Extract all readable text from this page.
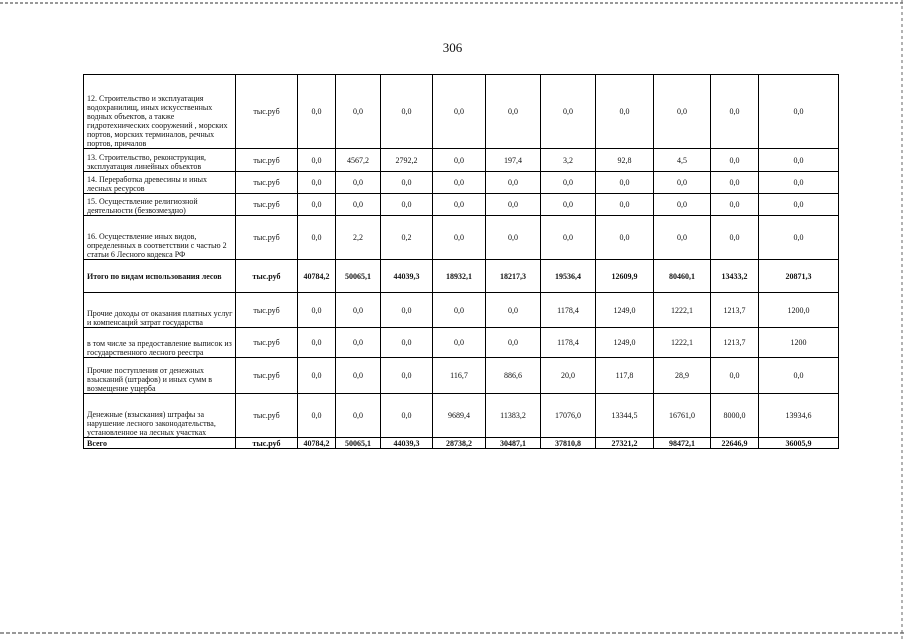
306
12. Строительство и эксплуатация водохранилищ, иных искусственных водных объектов, а также гидротехнических сооружений , морских портов, морских терминалов, речных портов, причалов	тыс.руб	0,0	0,0	0,0	0,0	0,0	0,0	0,0	0,0	0,0	0,0
13. Строительство, реконструкция, эксплуатация линейных объектов	тыс.руб	0,0	4567,2	2792,2	0,0	197,4	3,2	92,8	4,5	0,0	0,0
14. Переработка древесины и иных лесных ресурсов	тыс.руб	0,0	0,0	0,0	0,0	0,0	0,0	0,0	0,0	0,0	0,0
15. Осуществление религиозной деятельности (безвозмездно)	тыс.руб	0,0	0,0	0,0	0,0	0,0	0,0	0,0	0,0	0,0	0,0
16. Осуществление иных видов, определенных в соответствии с частью 2 статьи 6 Лесного кодекса РФ	тыс.руб	0,0	2,2	0,2	0,0	0,0	0,0	0,0	0,0	0,0	0,0
Итого по видам использования лесов	тыс.руб	40784,2	50065,1	44039,3	18932,1	18217,3	19536,4	12609,9	80460,1	13433,2	20871,3
Прочие доходы от оказания платных услуг и компенсаций затрат государства	тыс.руб	0,0	0,0	0,0	0,0	0,0	1178,4	1249,0	1222,1	1213,7	1200,0
в том числе за предоставление выписок из государственного лесного реестра	тыс.руб	0,0	0,0	0,0	0,0	0,0	1178,4	1249,0	1222,1	1213,7	1200
Прочие поступления от денежных взысканий (штрафов) и иных сумм в возмещение ущерба	тыс.руб	0,0	0,0	0,0	116,7	886,6	20,0	117,8	28,9	0,0	0,0
Денежные (взыскания) штрафы за нарушение лесного законодательства, установленное на лесных участках	тыс.руб	0,0	0,0	0,0	9689,4	11383,2	17076,0	13344,5	16761,0	8000,0	13934,6
Всего	тыс.руб	40784,2	50065,1	44039,3	28738,2	30487,1	37810,8	27321,2	98472,1	22646,9	36005,9
